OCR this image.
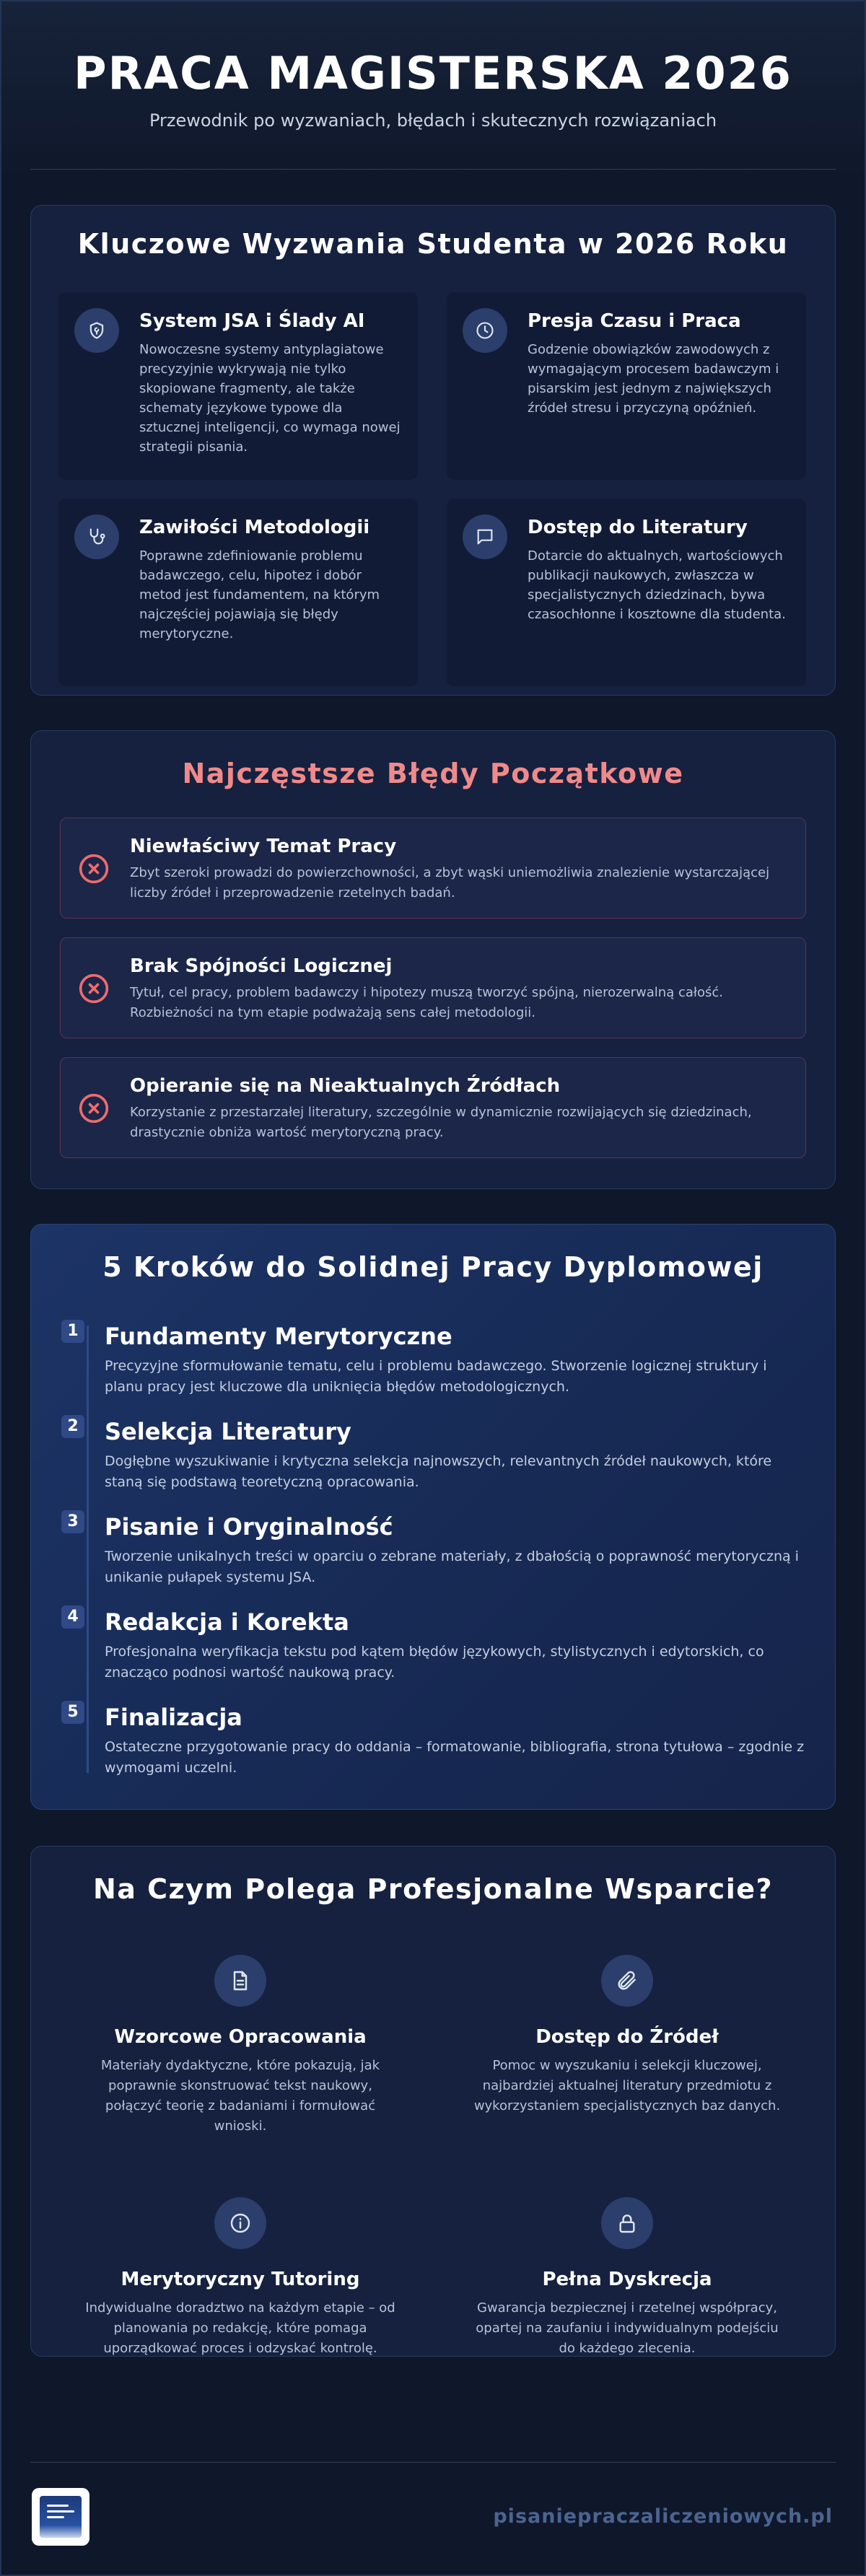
PRACA MAGISTERSKA 2026
Przewodnik po wyzwaniach, błędach i skutecznych rozwiązaniach
Kluczowe Wyzwania Studenta w 2026 Roku
System JSA i Ślady AI
Nowoczesne systemy antyplagiatowe precyzyjnie wykrywają nie tylko skopiowane fragmenty, ale także schematy językowe typowe dla sztucznej inteligencji, co wymaga nowej strategii pisania.
Presja Czasu i Praca
Godzenie obowiązków zawodowych z wymagającym procesem badawczym i pisarskim jest jednym z największych źródeł stresu i przyczyną opóźnień.
Zawiłości Metodologii
Poprawne zdefiniowanie problemu badawczego, celu, hipotez i dobór metod jest fundamentem, na którym najczęściej pojawiają się błędy merytoryczne.
Dostęp do Literatury
Dotarcie do aktualnych, wartościowych publikacji naukowych, zwłaszcza w specjalistycznych dziedzinach, bywa czasochłonne i kosztowne dla studenta.
Najczęstsze Błędy Początkowe
Niewłaściwy Temat Pracy
Zbyt szeroki prowadzi do powierzchowności, a zbyt wąski uniemożliwia znalezienie wystarczającej liczby źródeł i przeprowadzenie rzetelnych badań.
Brak Spójności Logicznej
Tytuł, cel pracy, problem badawczy i hipotezy muszą tworzyć spójną, nierozerwalną całość. Rozbieżności na tym etapie podważają sens całej metodologii.
Opieranie się na Nieaktualnych Źródłach
Korzystanie z przestarzałej literatury, szczególnie w dynamicznie rozwijających się dziedzinach, drastycznie obniża wartość merytoryczną pracy.
5 Kroków do Solidnej Pracy Dyplomowej
1 Fundamenty Merytoryczne
Precyzyjne sformułowanie tematu, celu i problemu badawczego. Stworzenie logicznej struktury i planu pracy jest kluczowe dla uniknięcia błędów metodologicznych.
2 Selekcja Literatury
Dogłębne wyszukiwanie i krytyczna selekcja najnowszych, relevantnych źródeł naukowych, które staną się podstawą teoretyczną opracowania.
3 Pisanie i Oryginalność
Tworzenie unikalnych treści w oparciu o zebrane materiały, z dbałością o poprawność merytoryczną i unikanie pułapek systemu JSA.
4 Redakcja i Korekta
Profesjonalna weryfikacja tekstu pod kątem błędów językowych, stylistycznych i edytorskich, co znacząco podnosi wartość naukową pracy.
5 Finalizacja
Ostateczne przygotowanie pracy do oddania – formatowanie, bibliografia, strona tytułowa – zgodnie z wymogami uczelni.
Na Czym Polega Profesjonalne Wsparcie?
Wzorcowe Opracowania
Materiały dydaktyczne, które pokazują, jak poprawnie skonstruować tekst naukowy, połączyć teorię z badaniami i formułować wnioski.
Dostęp do Źródeł
Pomoc w wyszukaniu i selekcji kluczowej, najbardziej aktualnej literatury przedmiotu z wykorzystaniem specjalistycznych baz danych.
Merytoryczny Tutoring
Indywidualne doradztwo na każdym etapie – od planowania po redakcję, które pomaga uporządkować proces i odzyskać kontrolę.
Pełna Dyskrecja
Gwarancja bezpiecznej i rzetelnej współpracy, opartej na zaufaniu i indywidualnym podejściu do każdego zlecenia.
pisaniepraczaliczeniowych.pl
